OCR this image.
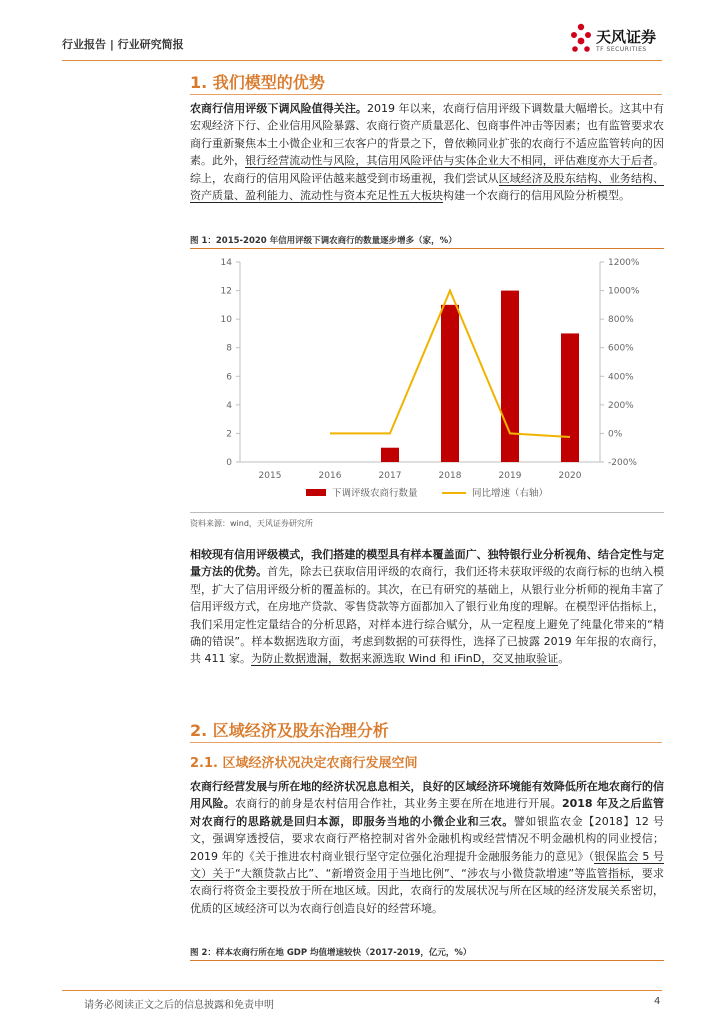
行业报告 | 行业研究简报	天风证券
TF SECURITIES
1. 我们模型的优势
农商行信用评级下调风险值得关注。2019 年以来，农商行信用评级下调数量大幅增长。这其中有宏观经济下行、企业信用风险暴露、农商行资产质量恶化、包商事件冲击等因素；也有监管要求农商行重新聚焦本土小微企业和三农客户的背景之下，曾依赖同业扩张的农商行不适应监管转向的因素。此外，银行经营流动性与风险，其信用风险评估与实体企业大不相同，评估难度亦大于后者。综上，农商行的信用风险评估越来越受到市场重视，我们尝试从区域经济及股东结构、业务结构、资产质量、盈利能力、流动性与资本充足性五大板块构建一个农商行的信用风险分析模型。
图 1：2015-2020 年信用评级下调农商行的数量逐步增多（家，%）
0
2
4
6
8
10
12
14
-200%
0%
200%
400%
600%
800%
1000%
1200%
2015	2016	2017	2018	2019	2020
下调评级农商行数量	同比增速（右轴）
资料来源：wind，天风证券研究所
相较现有信用评级模式，我们搭建的模型具有样本覆盖面广、独特银行业分析视角、结合定性与定量方法的优势。首先，除去已获取信用评级的农商行，我们还将未获取评级的农商行标的也纳入模型，扩大了信用评级分析的覆盖标的。其次，在已有研究的基础上，从银行业分析师的视角丰富了信用评级方式，在房地产贷款、零售贷款等方面都加入了银行业角度的理解。在模型评估指标上，我们采用定性定量结合的分析思路，对样本进行综合赋分，从一定程度上避免了纯量化带来的“精确的错误”。样本数据选取方面，考虑到数据的可获得性，选择了已披露 2019 年年报的农商行，共 411 家。为防止数据遗漏，数据来源选取 Wind 和 iFinD，交叉抽取验证。
2. 区域经济及股东治理分析
2.1. 区域经济状况决定农商行发展空间
农商行经营发展与所在地的经济状况息息相关，良好的区域经济环境能有效降低所在地农商行的信用风险。农商行的前身是农村信用合作社，其业务主要在所在地进行开展。2018 年及之后监管对农商行的思路就是回归本源，即服务当地的小微企业和三农。譬如银监农金【2018】12 号文，强调穿透授信，要求农商行严格控制对省外金融机构或经营情况不明金融机构的同业授信；2019 年的《关于推进农村商业银行坚守定位强化治理提升金融服务能力的意见》（银保监会 5 号文）关于“大额贷款占比”、“新增资金用于当地比例”、“涉农与小微贷款增速”等监管指标，要求农商行将资金主要投放于所在地区域。因此，农商行的发展状况与所在区域的经济发展关系密切，优质的区域经济可以为农商行创造良好的经营环境。
图 2：样本农商行所在地 GDP 均值增速较快（2017-2019，亿元，%）
请务必阅读正文之后的信息披露和免责申明	4
